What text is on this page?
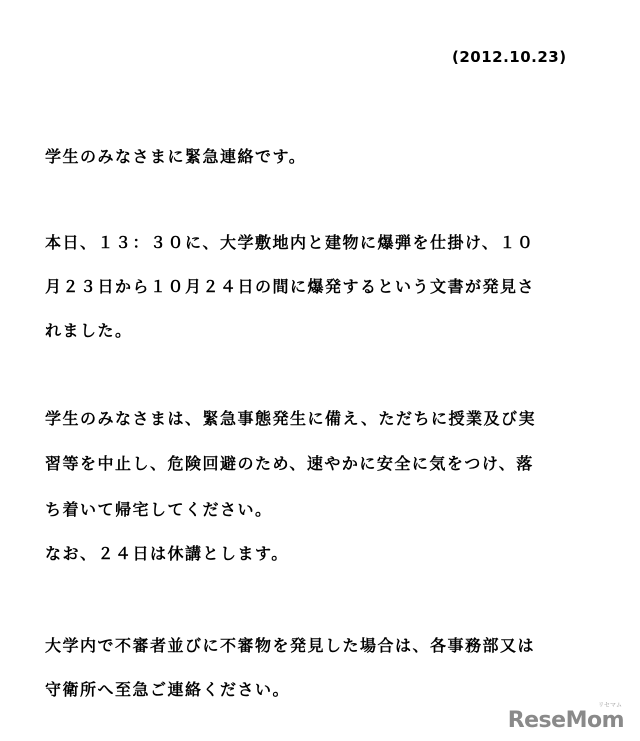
(2012.10.23)
学生のみなさまに緊急連絡です。
本日、１３：３０に、大学敷地内と建物に爆弾を仕掛け、１０
月２３日から１０月２４日の間に爆発するという文書が発見さ
れました。
学生のみなさまは、緊急事態発生に備え、ただちに授業及び実
習等を中止し、危険回避のため、速やかに安全に気をつけ、落
ち着いて帰宅してください。
なお、２４日は休講とします。
大学内で不審者並びに不審物を発見した場合は、各事務部又は
守衛所へ至急ご連絡ください。
ReseMom
リセマム
